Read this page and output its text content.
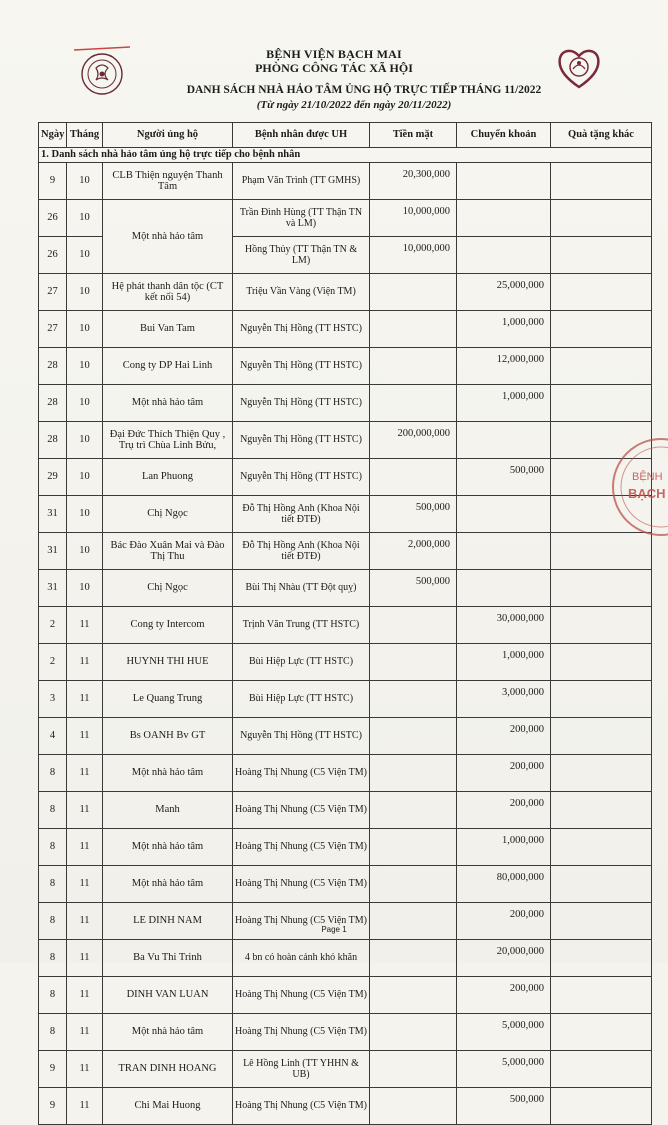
BỆNH VIỆN BẠCH MAI
PHÒNG CÔNG TÁC XÃ HỘI
DANH SÁCH NHÀ HẢO TÂM ỦNG HỘ TRỰC TIẾP THÁNG 11/2022
(Từ ngày 21/10/2022 đến ngày 20/11/2022)
Ngày	Tháng	Người ủng hộ	Bệnh nhân được UH	Tiền mặt	Chuyển khoản	Quà tặng khác
1. Danh sách nhà hảo tâm ủng hộ trực tiếp cho bệnh nhân						
9	10	CLB Thiện nguyện Thanh Tâm	Phạm Văn Trình (TT GMHS)	20,300,000		
26	10	Một nhà hảo tâm	Trần Đình Hùng (TT Thận TN và LM)	10,000,000		
26	10		Hồng Thủy (TT Thận TN & LM)	10,000,000		
27	10	Hệ phát thanh dân tộc (CT kết nối 54)	Triệu Vần Vàng (Viện TM)		25,000,000	
27	10	Bui Van Tam	Nguyễn Thị Hồng (TT HSTC)		1,000,000	
28	10	Cong ty DP Hai Linh	Nguyễn Thị Hồng (TT HSTC)		12,000,000	
28	10	Một nhà hảo tâm	Nguyễn Thị Hồng (TT HSTC)		1,000,000	
28	10	Đại Đức Thích Thiện Quy , Trụ trì Chùa Linh Bửu,	Nguyễn Thị Hồng (TT HSTC)	200,000,000		
29	10	Lan Phuong	Nguyễn Thị Hồng (TT HSTC)		500,000	
31	10	Chị Ngọc	Đỗ Thị Hồng Anh (Khoa Nội tiết ĐTĐ)	500,000		
31	10	Bác Đào Xuân Mai và Đào Thị Thu	Đỗ Thị Hồng Anh (Khoa Nội tiết ĐTĐ)	2,000,000		
31	10	Chị Ngọc	Bùi Thị Nhàu (TT Đột quỵ)	500,000		
2	11	Cong ty Intercom	Trịnh Văn Trung (TT HSTC)		30,000,000	
2	11	HUYNH THI HUE	Bùi Hiệp Lực (TT HSTC)		1,000,000	
3	11	Le Quang Trung	Bùi Hiệp Lực (TT HSTC)		3,000,000	
4	11	Bs OANH Bv GT	Nguyễn Thị Hồng (TT HSTC)		200,000	
8	11	Một nhà hảo tâm	Hoàng Thị Nhung (C5 Viện TM)		200,000	
8	11	Manh	Hoàng Thị Nhung (C5 Viện TM)		200,000	
8	11	Một nhà hảo tâm	Hoàng Thị Nhung (C5 Viện TM)		1,000,000	
8	11	Một nhà hảo tâm	Hoàng Thị Nhung (C5 Viện TM)		80,000,000	
8	11	LE DINH NAM	Hoàng Thị Nhung (C5 Viện TM)		200,000	
8	11	Ba Vu Thi Trinh	4 bn có hoàn cảnh khó khăn		20,000,000	
8	11	DINH VAN LUAN	Hoàng Thị Nhung (C5 Viện TM)		200,000	
8	11	Một nhà hảo tâm	Hoàng Thị Nhung (C5 Viện TM)		5,000,000	
9	11	TRAN DINH HOANG	Lê Hồng Linh (TT YHHN & UB)		5,000,000	
9	11	Chi Mai Huong	Hoàng Thị Nhung (C5 Viện TM)		500,000	
BỆNH
BẠCH
Page 1
